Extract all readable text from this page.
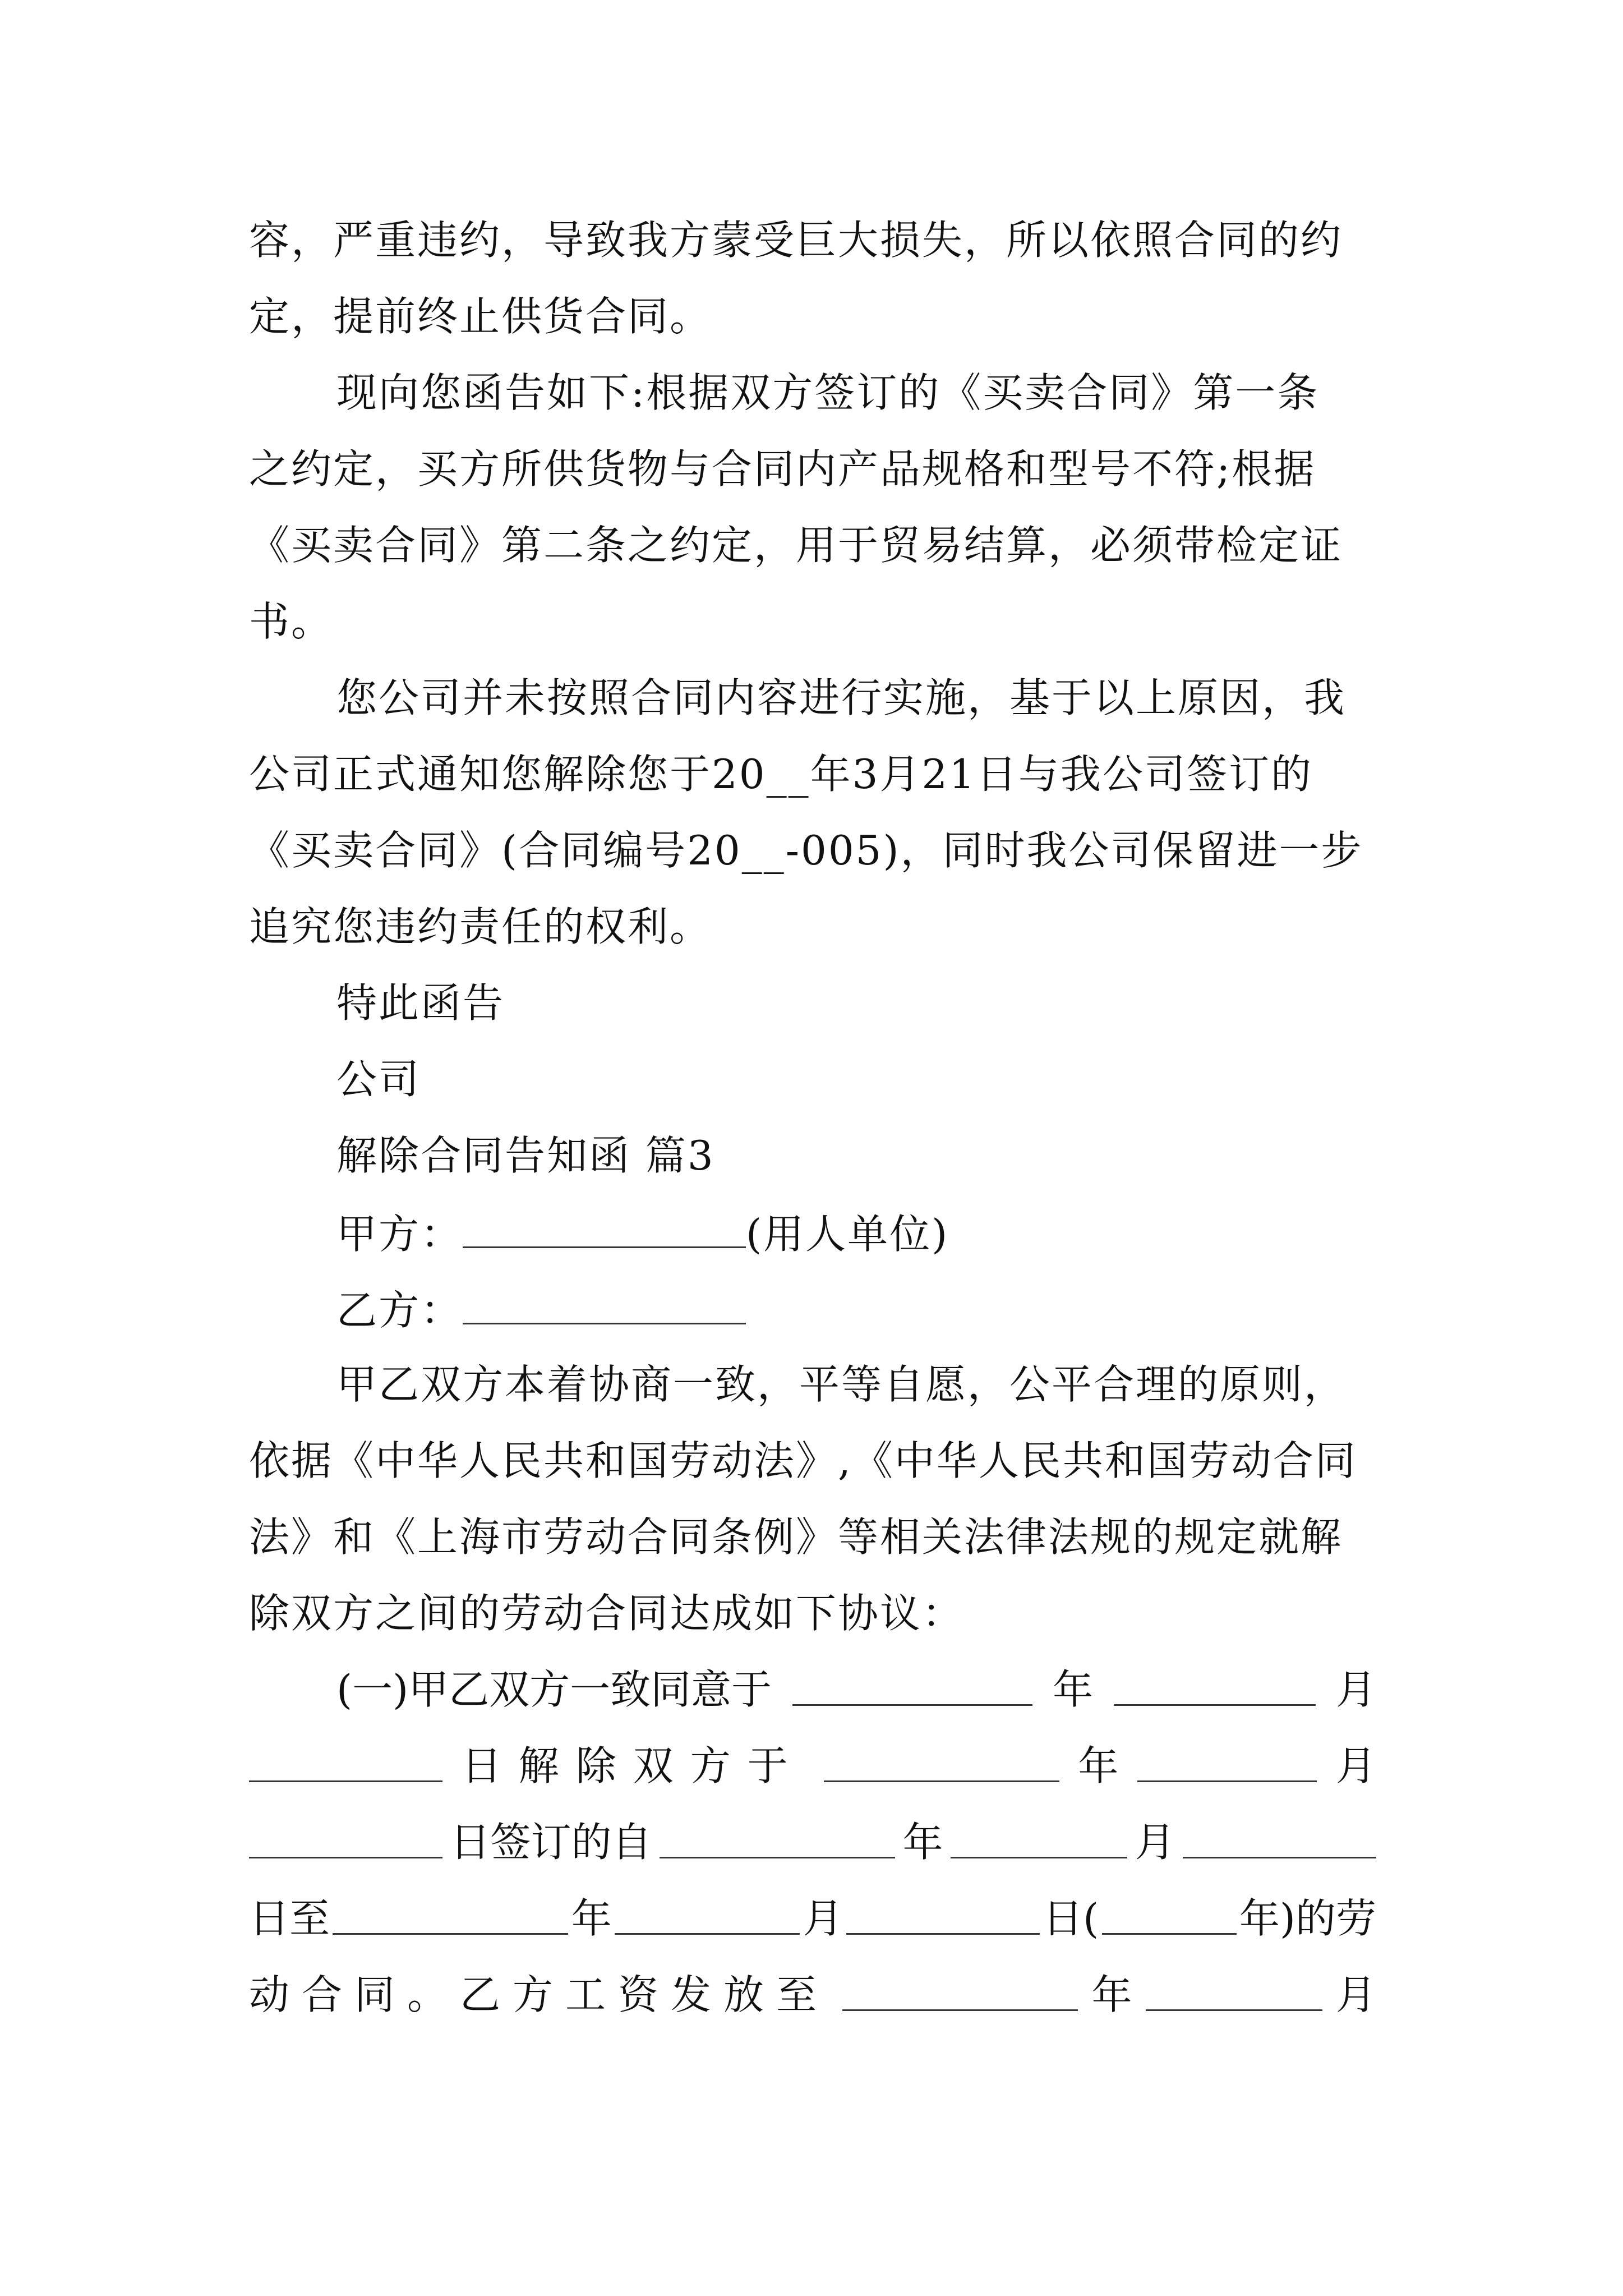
容，严重违约，导致我方蒙受巨大损失，所以依照合同的约
定，提前终止供货合同。
现向您函告如下:根据双方签订的《买卖合同》第一条
之约定，买方所供货物与合同内产品规格和型号不符;根据
《买卖合同》第二条之约定，用于贸易结算，必须带检定证
书。
您公司并未按照合同内容进行实施，基于以上原因，我
公司正式通知您解除您于20__年3月21日与我公司签订的
《买卖合同》(合同编号20__-005)，同时我公司保留进一步
追究您违约责任的权利。
特此函告
公司
解除合同告知函 篇3
甲方：	(用人单位)
乙方：
甲乙双方本着协商一致，平等自愿，公平合理的原则，
依据《中华人民共和国劳动法》,《中华人民共和国劳动合同
法》和《上海市劳动合同条例》等相关法律法规的规定就解
除双方之间的劳动合同达成如下协议：
(一)甲乙双方一致同意于	年	月
日解除双方于	年	月
日签订的自	年	月
日至	年	月	日(	年)的劳
动合同。乙方工资发放至	年	月
